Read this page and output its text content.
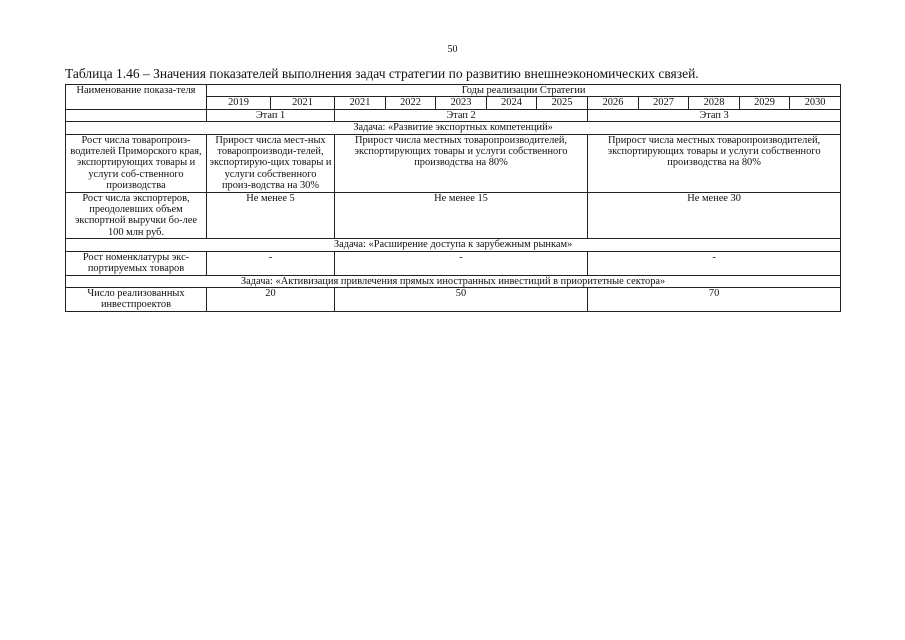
50
Таблица 1.46 – Значения показателей выполнения задач стратегии по развитию внешнеэкономических связей.
Наименование показа-теля	Годы реализации Стратегии											
	2019	2021	2021	2022	2023	2024	2025	2026	2027	2028	2029	2030
	Этап 1		Этап 2					Этап 3				
Задача: «Развитие экспортных компетенций»												
Рост числа товаропроиз-водителей Приморского края, экспортирующих товары и услуги соб-ственного производства	Прирост числа мест-ных товаропроизводи-телей, экспортирую-щих товары и услуги собственного произ-водства на 30%		Прирост числа местных товаропроизводителей, экспортирующих товары и услуги собственного производства на 80%					Прирост числа местных товаропроизводителей, экспортирующих товары и услуги собственного производства на 80%				
Рост числа экспортеров, преодолевших объем экспортной выручки бо-лее 100 млн руб.	Не менее 5		Не менее 15					Не менее 30				
Задача: «Расширение доступа к зарубежным рынкам»												
Рост номенклатуры экс-портируемых товаров	-		-					-				
Задача: «Активизация привлечения прямых иностранных инвестиций в приоритетные сектора»												
Число реализованных инвестпроектов	20		50					70				
